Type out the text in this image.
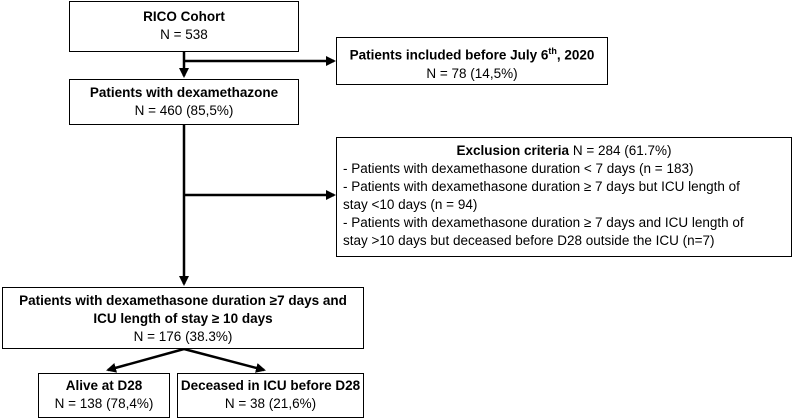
RICO Cohort
N = 538
Patients included before July 6th, 2020
N = 78 (14,5%)
Patients with dexamethazone
N = 460 (85,5%)
Exclusion criteria N = 284 (61.7%)
- Patients with dexamethasone duration < 7 days (n = 183)
- Patients with dexamethasone duration ≥ 7 days but ICU length of
stay <10 days (n = 94)
- Patients with dexamethasone duration ≥ 7 days and ICU length of
stay >10 days but deceased before D28 outside the ICU (n=7)
Patients with dexamethasone duration ≥7 days and
ICU length of stay ≥ 10 days
N = 176 (38.3%)
Alive at D28
N = 138 (78,4%)
Deceased in ICU before D28
N = 38 (21,6%)
